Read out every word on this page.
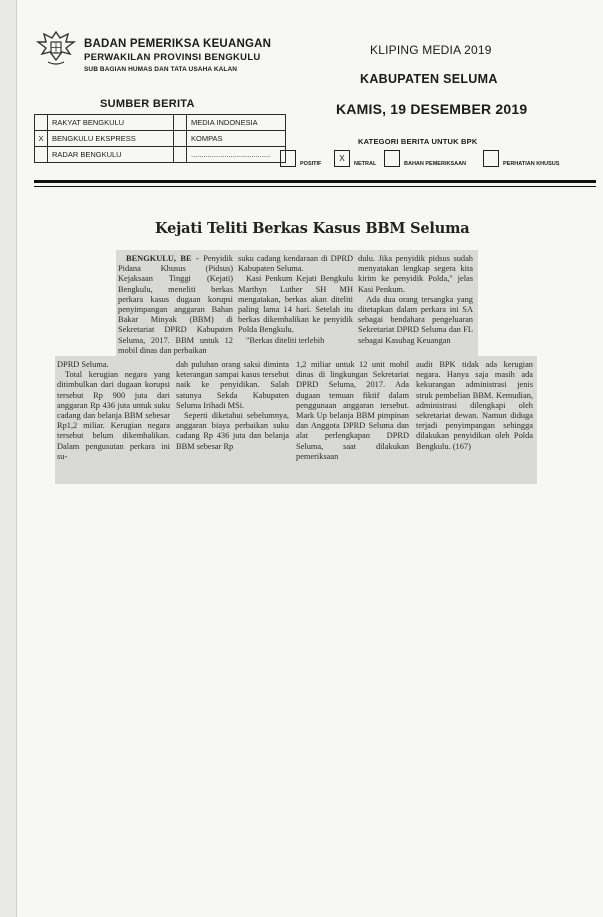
BADAN PEMERIKSA KEUANGAN
PERWAKILAN PROVINSI BENGKULU
SUB BAGIAN HUMAS DAN TATA USAHA KALAN
KLIPING MEDIA 2019
KABUPATEN SELUMA
KAMIS, 19 DESEMBER 2019
SUMBER BERITA
	RAKYAT BENGKULU		MEDIA INDONESIA
X	BENGKULU EKSPRESS		KOMPAS
	RADAR BENGKULU		......................................
KATEGORI BERITA UNTUK BPK
POSITIF
X
NETRAL	BAHAN PEMERIKSAAN	PERHATIAN KHUSUS
Kejati Teliti Berkas Kasus BBM Seluma

BENGKULU, BE - Penyidik Pidana Khusus (Pidsus) Kejaksaan Tinggi (Kejati) Bengkulu, meneliti berkas perkara kasus dugaan korupsi penyimpangan anggaran Bahan Bakar Minyak (BBM) di Sekretariat DPRD Kabupaten Seluma, 2017. BBM untuk 12 mobil dinas dan perbaikan

suku cadang kendaraan di DPRD Kabupaten Seluma.

Kasi Penkum Kejati Bengkulu Marthyn Luther SH MH mengatakan, berkas akan diteliti paling lama 14 hari. Setelah itu berkas dikembalikan ke penyidik Polda Bengkulu.

"Berkas diteliti terlebih

dulu. Jika penyidik pidsus sudah menyatakan lengkap segera kita kirim ke penyidik Polda," jelas Kasi Penkum.

Ada dua orang tersangka yang ditetapkan dalam perkara ini SA sebagai bendahara pengeluaran Sekretariat DPRD Seluma dan FL sebagai Kasubag Keuangan

DPRD Seluma.

Total kerugian negara yang ditimbulkan dari dugaan korupsi tersebut Rp 900 juta dari anggaran Rp 436 juta untuk suku cadang dan belanja BBM sebesar Rp1,2 miliar. Kerugian negara tersebut belum dikembalikan. Dalam pengusutan perkara ini su-

dah puluhan orang saksi diminta keterangan sampai kasus tersebut naik ke penyidikan. Salah satunya Sekda Kabupaten Seluma Irihadi MSi.

Seperti diketahui sebelumnya, anggaran biaya perbaikan suku cadang Rp 436 juta dan belanja BBM sebesar Rp

1,2 miliar untuk 12 unit mobil dinas di lingkungan Sekretariat DPRD Seluma, 2017. Ada dugaan temuan fiktif dalam penggunaan anggaran tersebut. Mark Up belanja BBM pimpinan dan Anggota DPRD Seluma dan alat perlengkapan DPRD Seluma, saat dilakukan pemeriksaan

audit BPK tidak ada kerugian negara. Hanya saja masih ada kekurangan administrasi jenis struk pembelian BBM. Kemudian, administrasi dilengkapi oleh sekretariat dewan. Namun diduga terjadi penyimpangan sehingga dilakukan penyidikan oleh Polda Bengkulu. (167)
